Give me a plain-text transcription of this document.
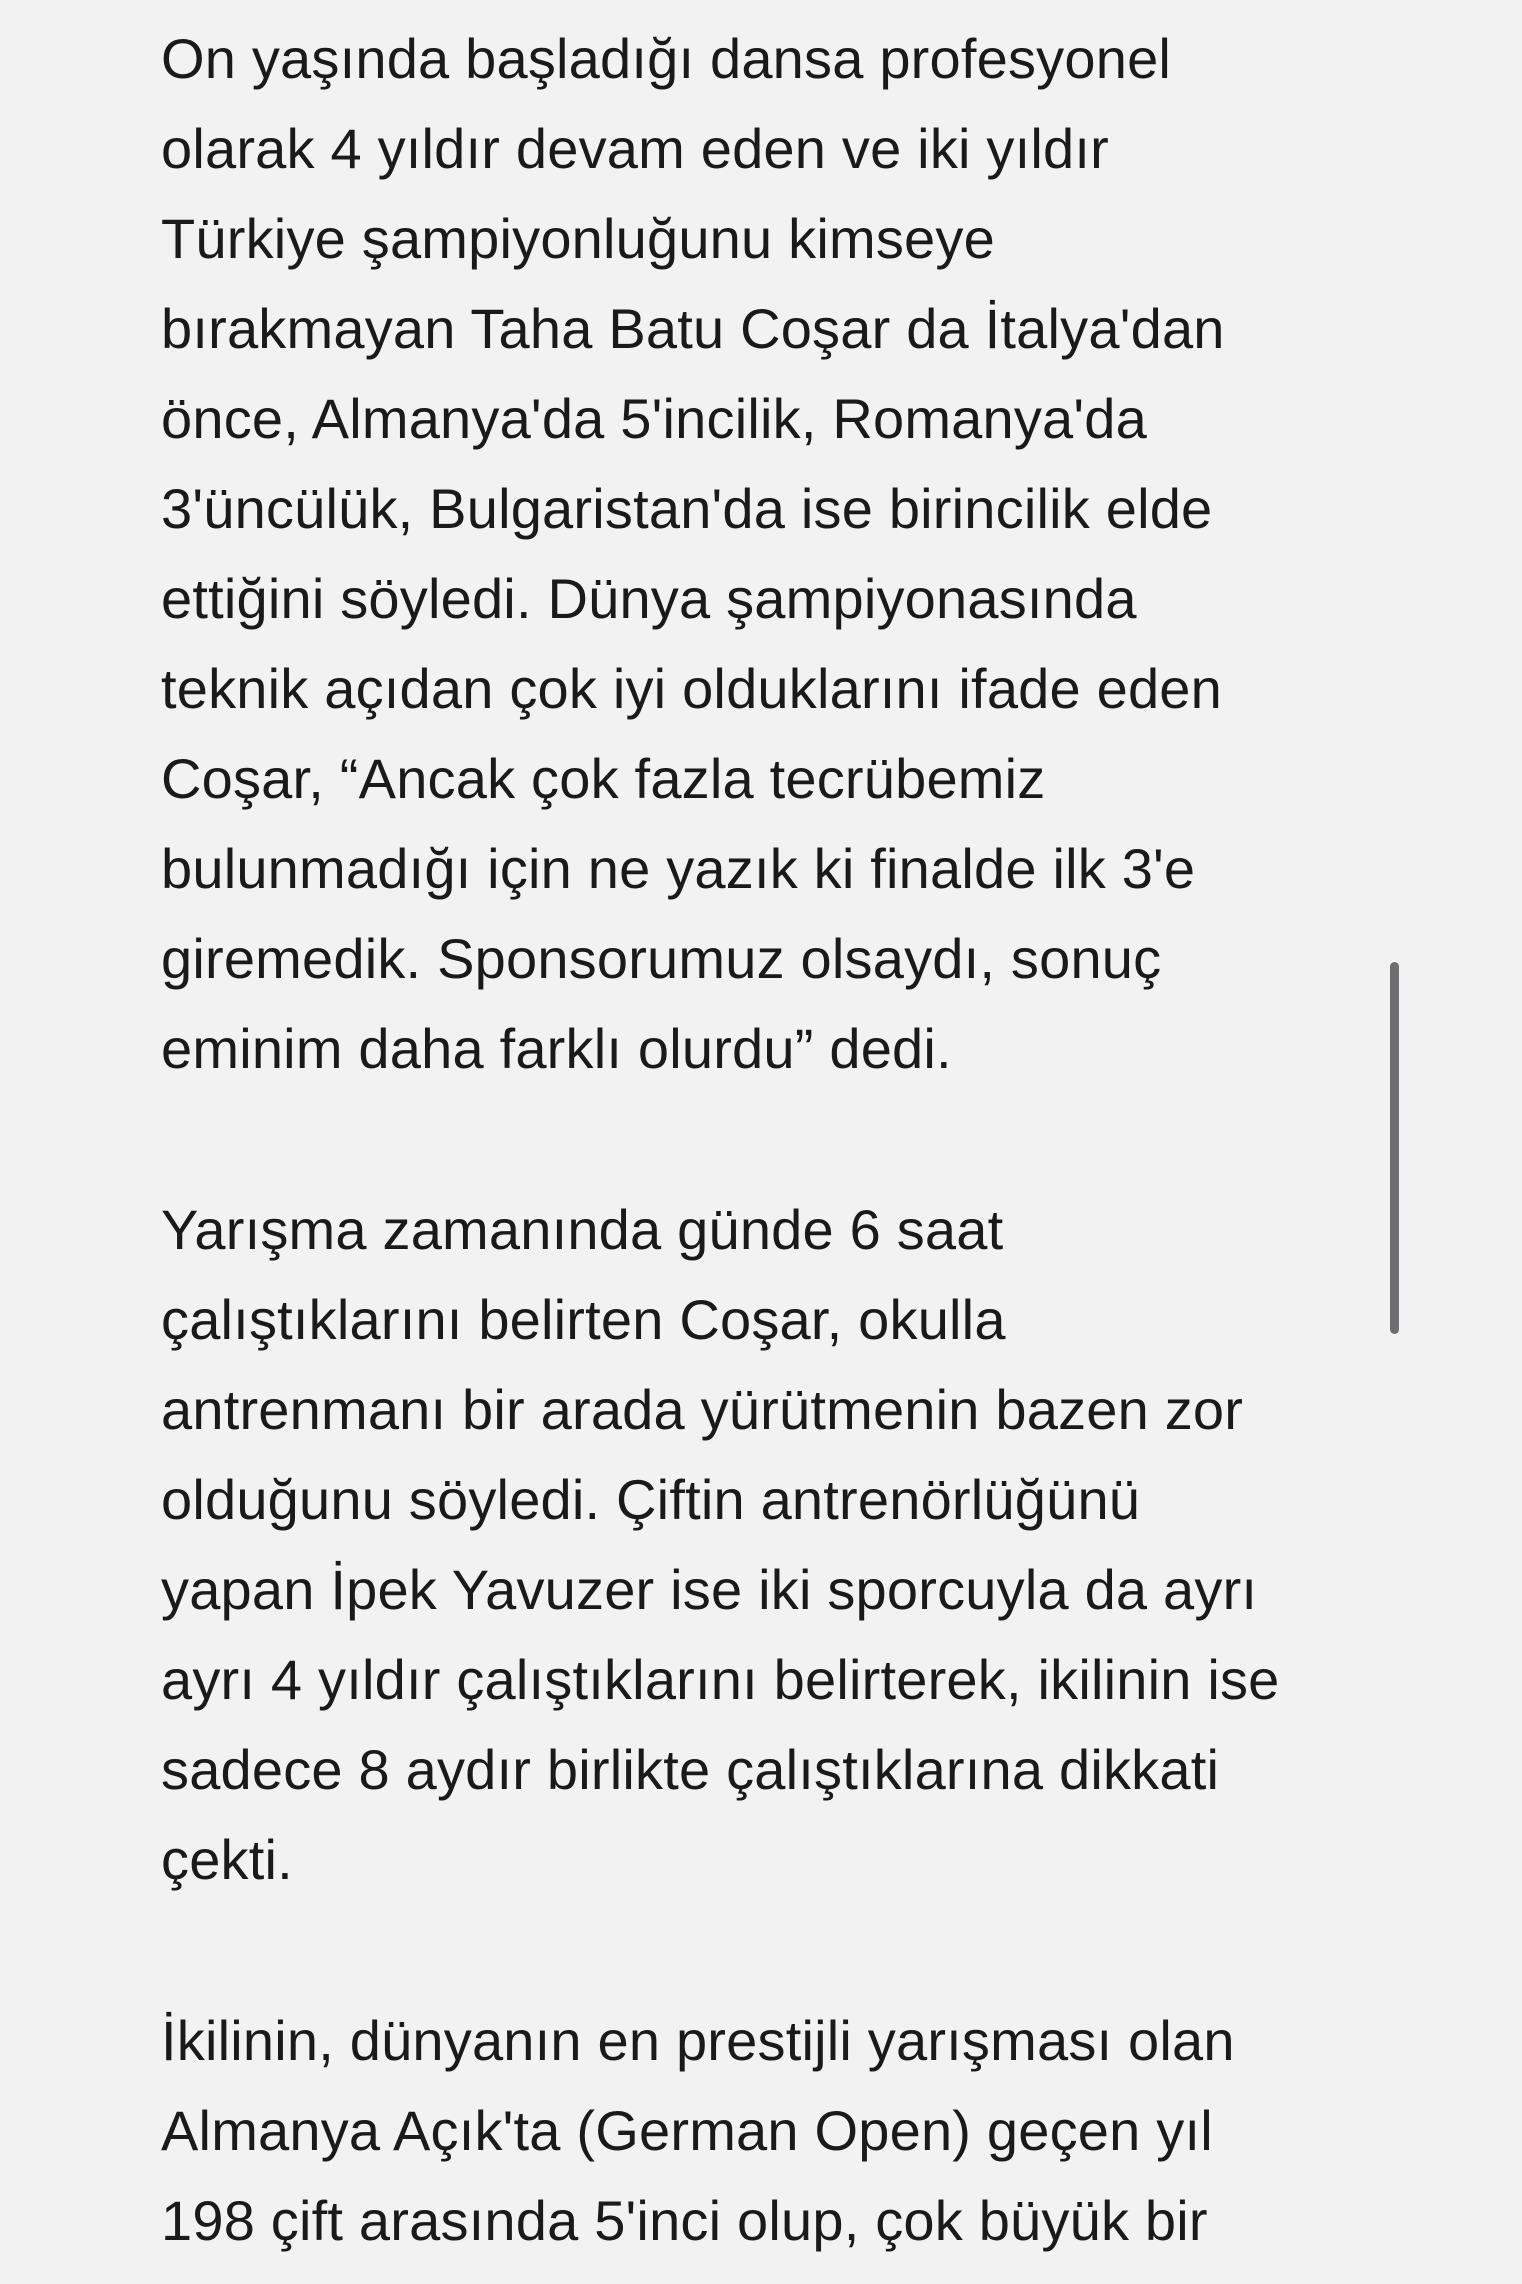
On yaşında başladığı dansa profesyonel
olarak 4 yıldır devam eden ve iki yıldır
Türkiye şampiyonluğunu kimseye
bırakmayan Taha Batu Coşar da İtalya'dan
önce, Almanya'da 5'incilik, Romanya'da
3'üncülük, Bulgaristan'da ise birincilik elde
ettiğini söyledi. Dünya şampiyonasında
teknik açıdan çok iyi olduklarını ifade eden
Coşar, “Ancak çok fazla tecrübemiz
bulunmadığı için ne yazık ki finalde ilk 3'e
giremedik. Sponsorumuz olsaydı, sonuç
eminim daha farklı olurdu” dedi.

Yarışma zamanında günde 6 saat
çalıştıklarını belirten Coşar, okulla
antrenmanı bir arada yürütmenin bazen zor
olduğunu söyledi. Çiftin antrenörlüğünü
yapan İpek Yavuzer ise iki sporcuyla da ayrı
ayrı 4 yıldır çalıştıklarını belirterek, ikilinin ise
sadece 8 aydır birlikte çalıştıklarına dikkati
çekti.

İkilinin, dünyanın en prestijli yarışması olan
Almanya Açık'ta (German Open) geçen yıl
198 çift arasında 5'inci olup, çok büyük bir
